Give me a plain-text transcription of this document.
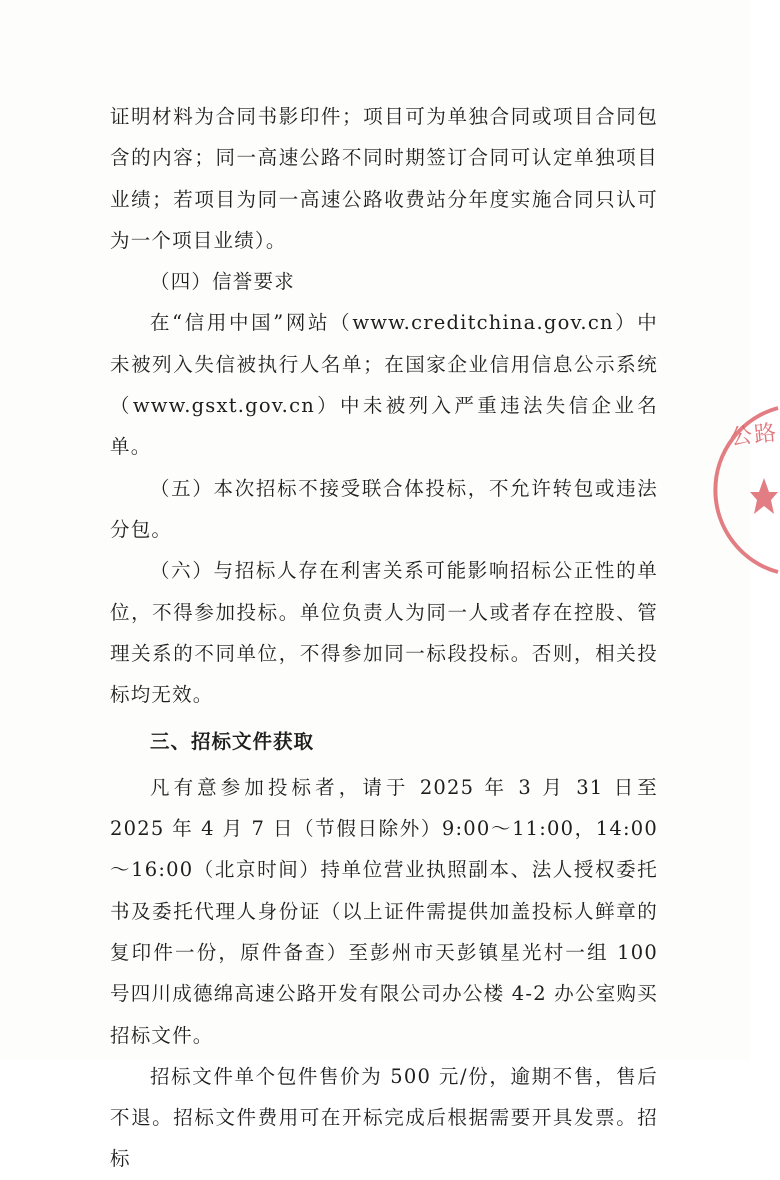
证明材料为合同书影印件；项目可为单独合同或项目合同包含的内容；同一高速公路不同时期签订合同可认定单独项目业绩；若项目为同一高速公路收费站分年度实施合同只认可为一个项目业绩）。

（四）信誉要求

在“信用中国”网站（www.creditchina.gov.cn）中未被列入失信被执行人名单；在国家企业信用信息公示系统（www.gsxt.gov.cn）中未被列入严重违法失信企业名单。

（五）本次招标不接受联合体投标，不允许转包或违法分包。

（六）与招标人存在利害关系可能影响招标公正性的单位，不得参加投标。单位负责人为同一人或者存在控股、管理关系的不同单位，不得参加同一标段投标。否则，相关投标均无效。

三、招标文件获取

凡有意参加投标者，请于 2025 年 3 月 31 日至 2025 年 4 月 7 日（节假日除外）9:00～11:00，14:00～16:00（北京时间）持单位营业执照副本、法人授权委托书及委托代理人身份证（以上证件需提供加盖投标人鲜章的复印件一份，原件备查）至彭州市天彭镇星光村一组 100 号四川成德绵高速公路开发有限公司办公楼 4-2 办公室购买招标文件。

招标文件单个包件售价为 500 元/份，逾期不售，售后不退。招标文件费用可在开标完成后根据需要开具发票。招标

公路
